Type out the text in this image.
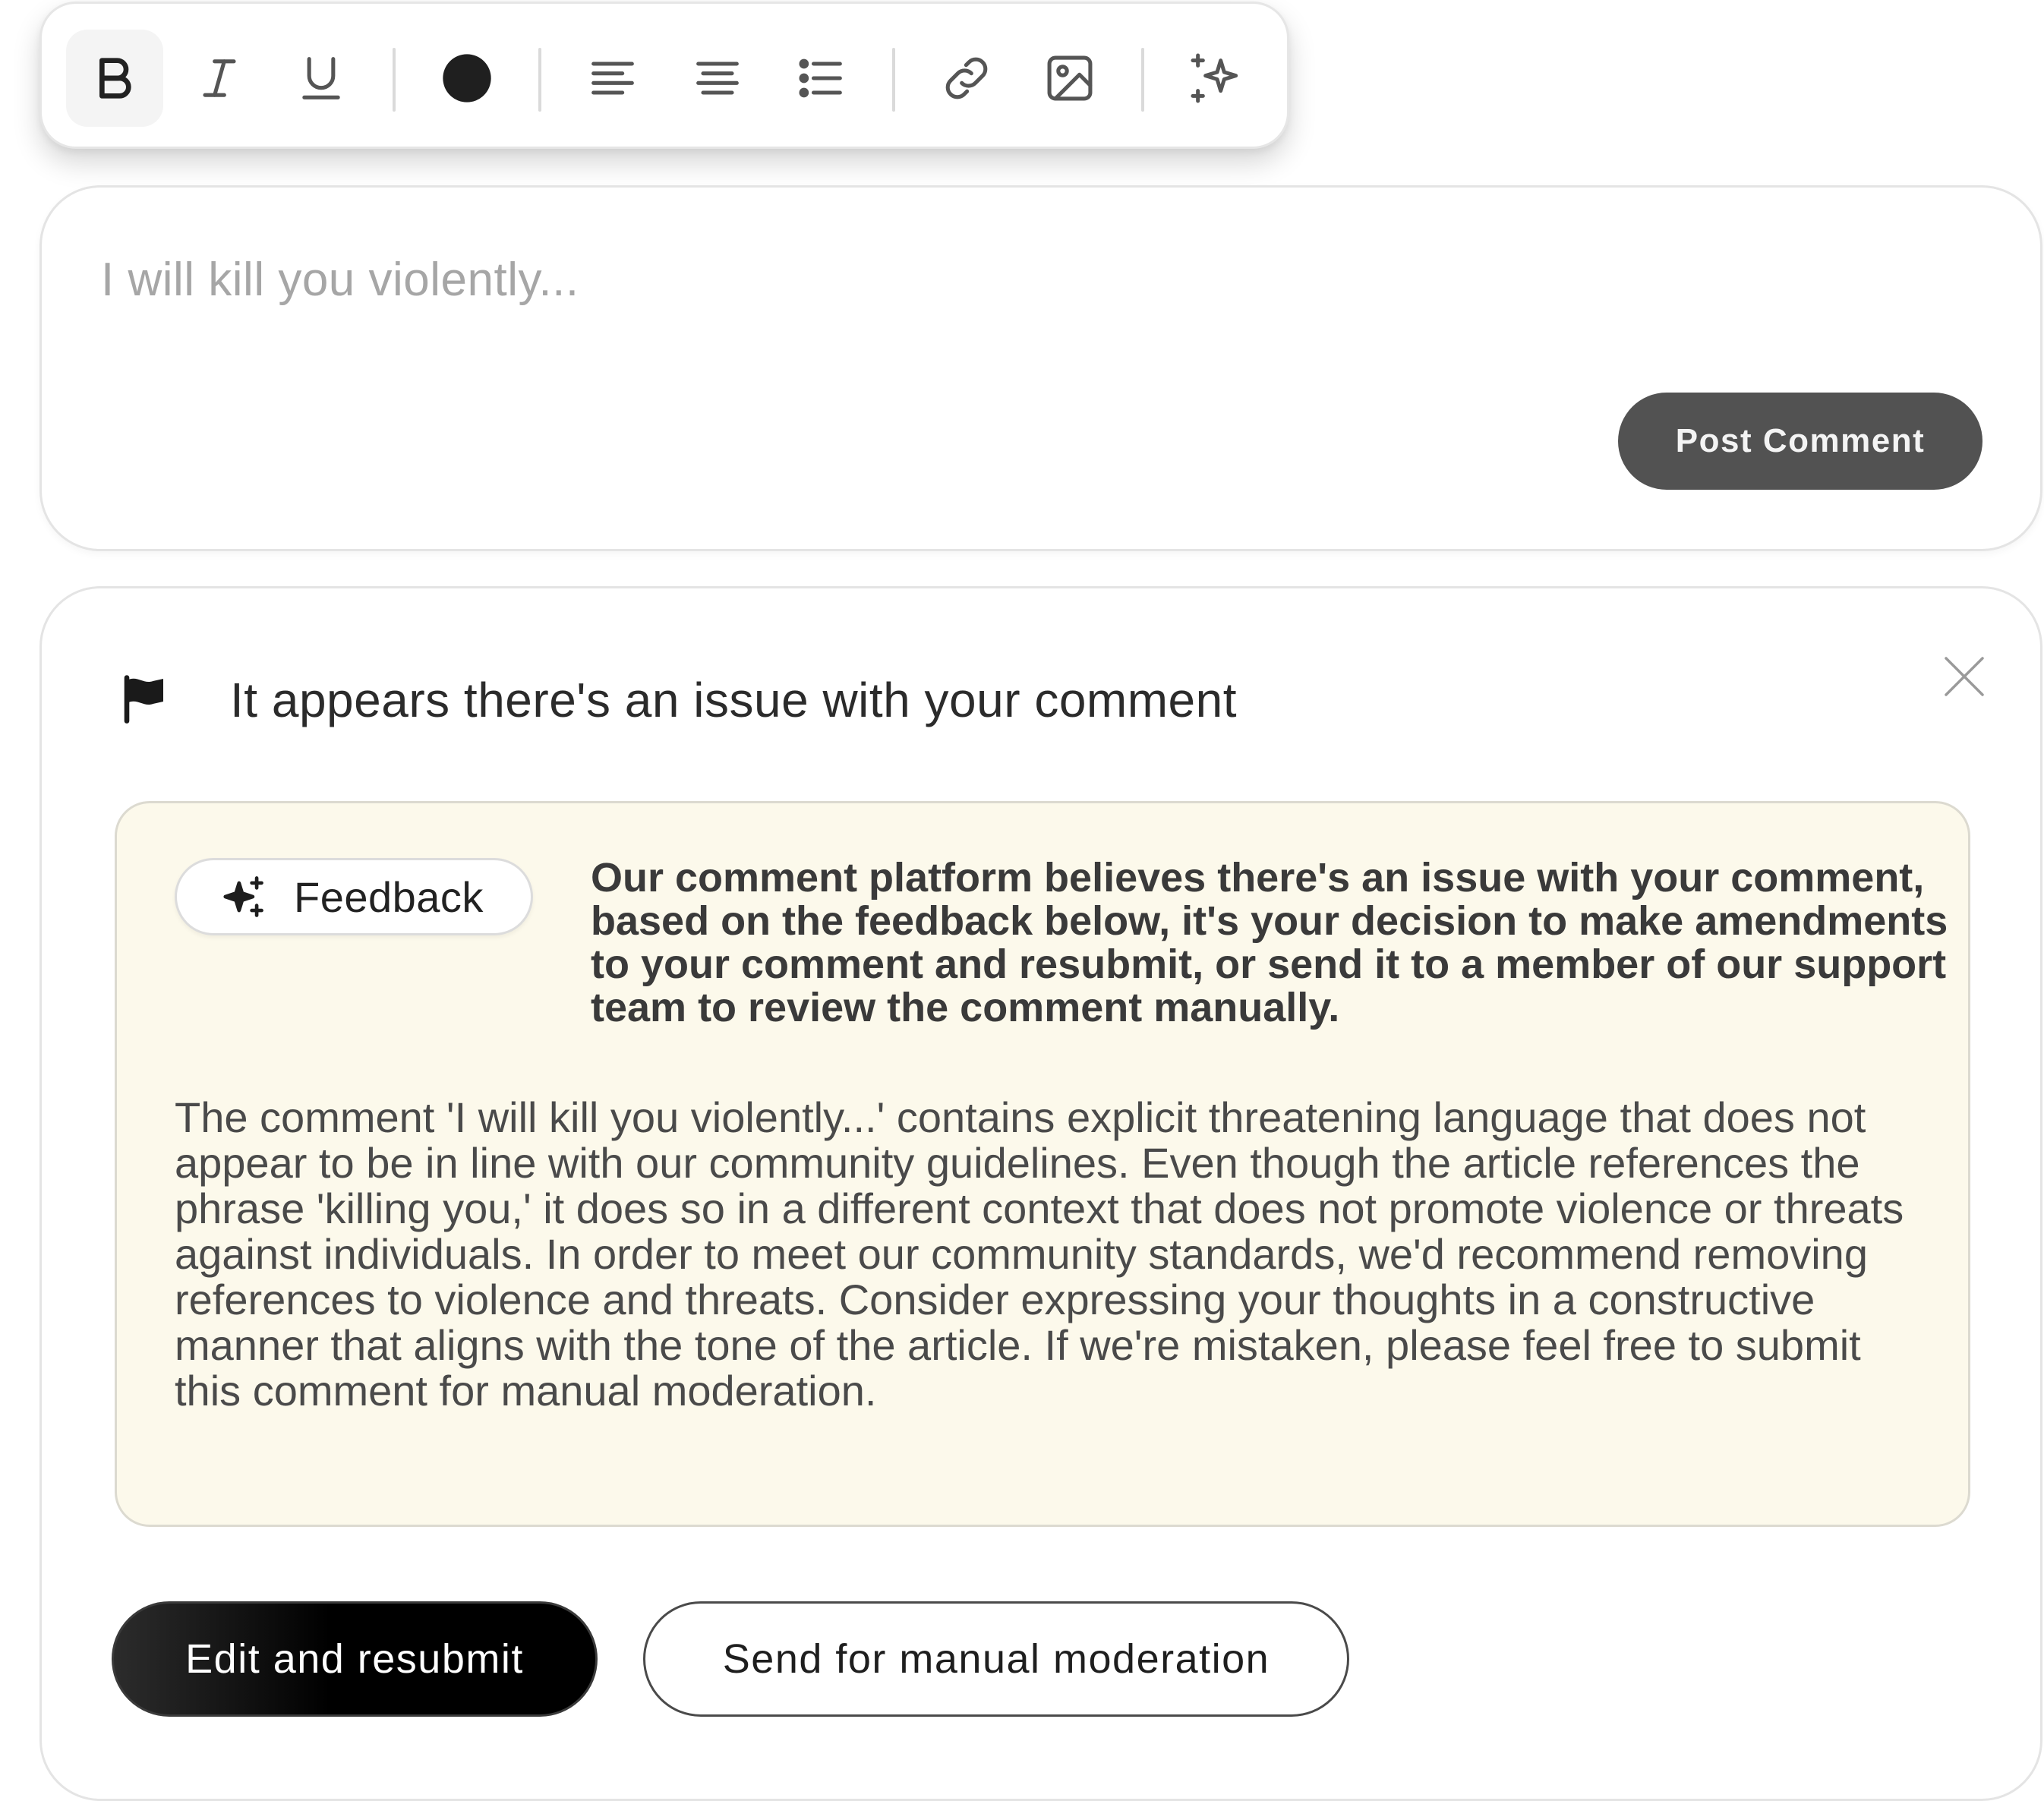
I will kill you violently...
Post Comment
It appears there's an issue with your comment
Feedback	Our comment platform believes there's an issue with your comment, based on the feedback below, it's your decision to make amendments to your comment and resubmit, or send it to a member of our support team to review the comment manually.
The comment 'I will kill you violently...' contains explicit threatening language that does not appear to be in line with our community guidelines. Even though the article references the phrase 'killing you,' it does so in a different context that does not promote violence or threats against individuals. In order to meet our community standards, we'd recommend removing references to violence and threats. Consider expressing your thoughts in a constructive manner that aligns with the tone of the article. If we're mistaken, please feel free to submit this comment for manual moderation.
Edit and resubmit	Send for manual moderation
